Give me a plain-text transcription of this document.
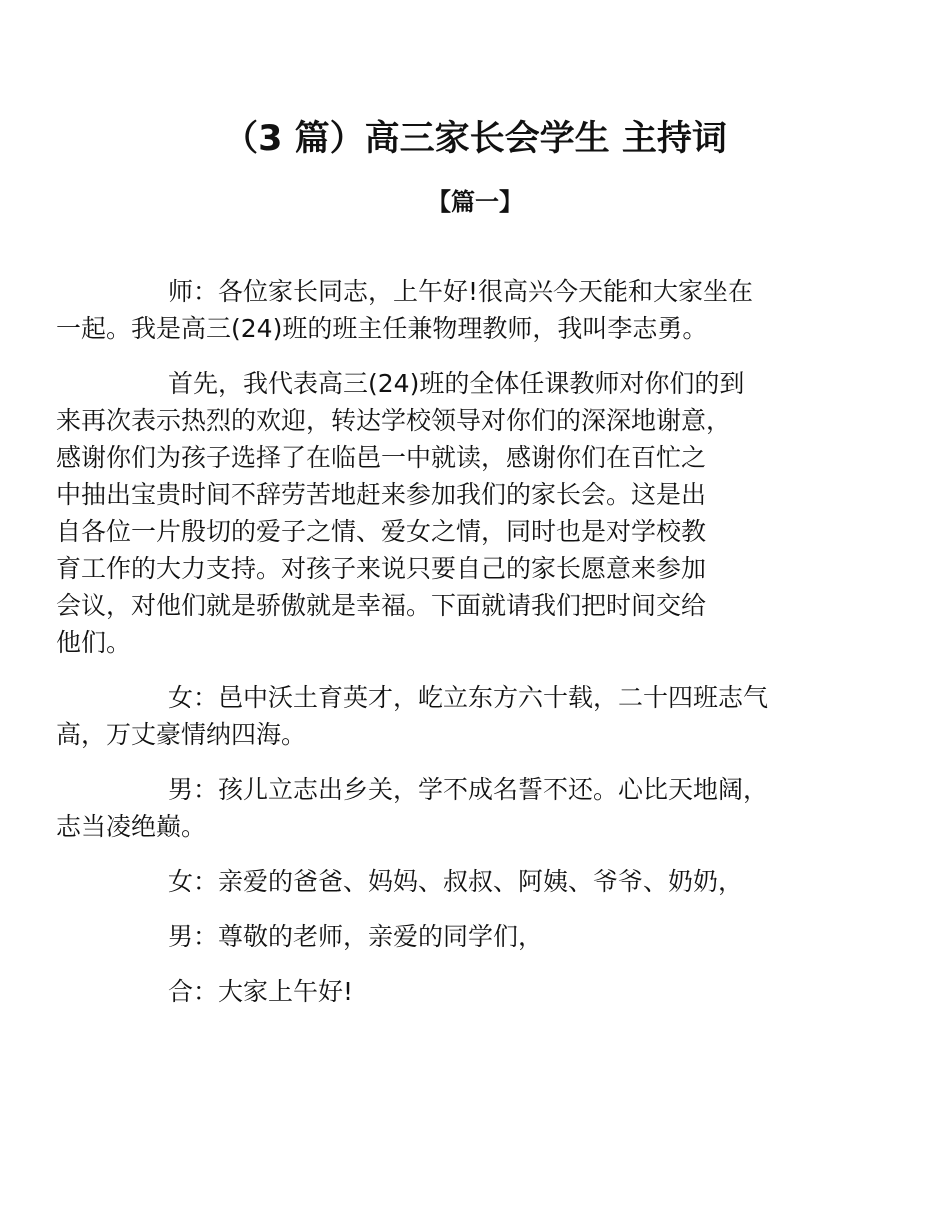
（3 篇）高三家长会学生 主持词
【篇一】

师：各位家长同志，上午好!很高兴今天能和大家坐在
一起。我是高三(24)班的班主任兼物理教师，我叫李志勇。

首先，我代表高三(24)班的全体任课教师对你们的到
来再次表示热烈的欢迎，转达学校领导对你们的深深地谢意，
感谢你们为孩子选择了在临邑一中就读，感谢你们在百忙之
中抽出宝贵时间不辞劳苦地赶来参加我们的家长会。这是出
自各位一片殷切的爱子之情、爱女之情，同时也是对学校教
育工作的大力支持。对孩子来说只要自己的家长愿意来参加
会议，对他们就是骄傲就是幸福。下面就请我们把时间交给
他们。

女：邑中沃土育英才，屹立东方六十载，二十四班志气
高，万丈豪情纳四海。

男：孩儿立志出乡关，学不成名誓不还。心比天地阔，
志当凌绝巅。

女：亲爱的爸爸、妈妈、叔叔、阿姨、爷爷、奶奶，

男：尊敬的老师，亲爱的同学们，

合：大家上午好!
